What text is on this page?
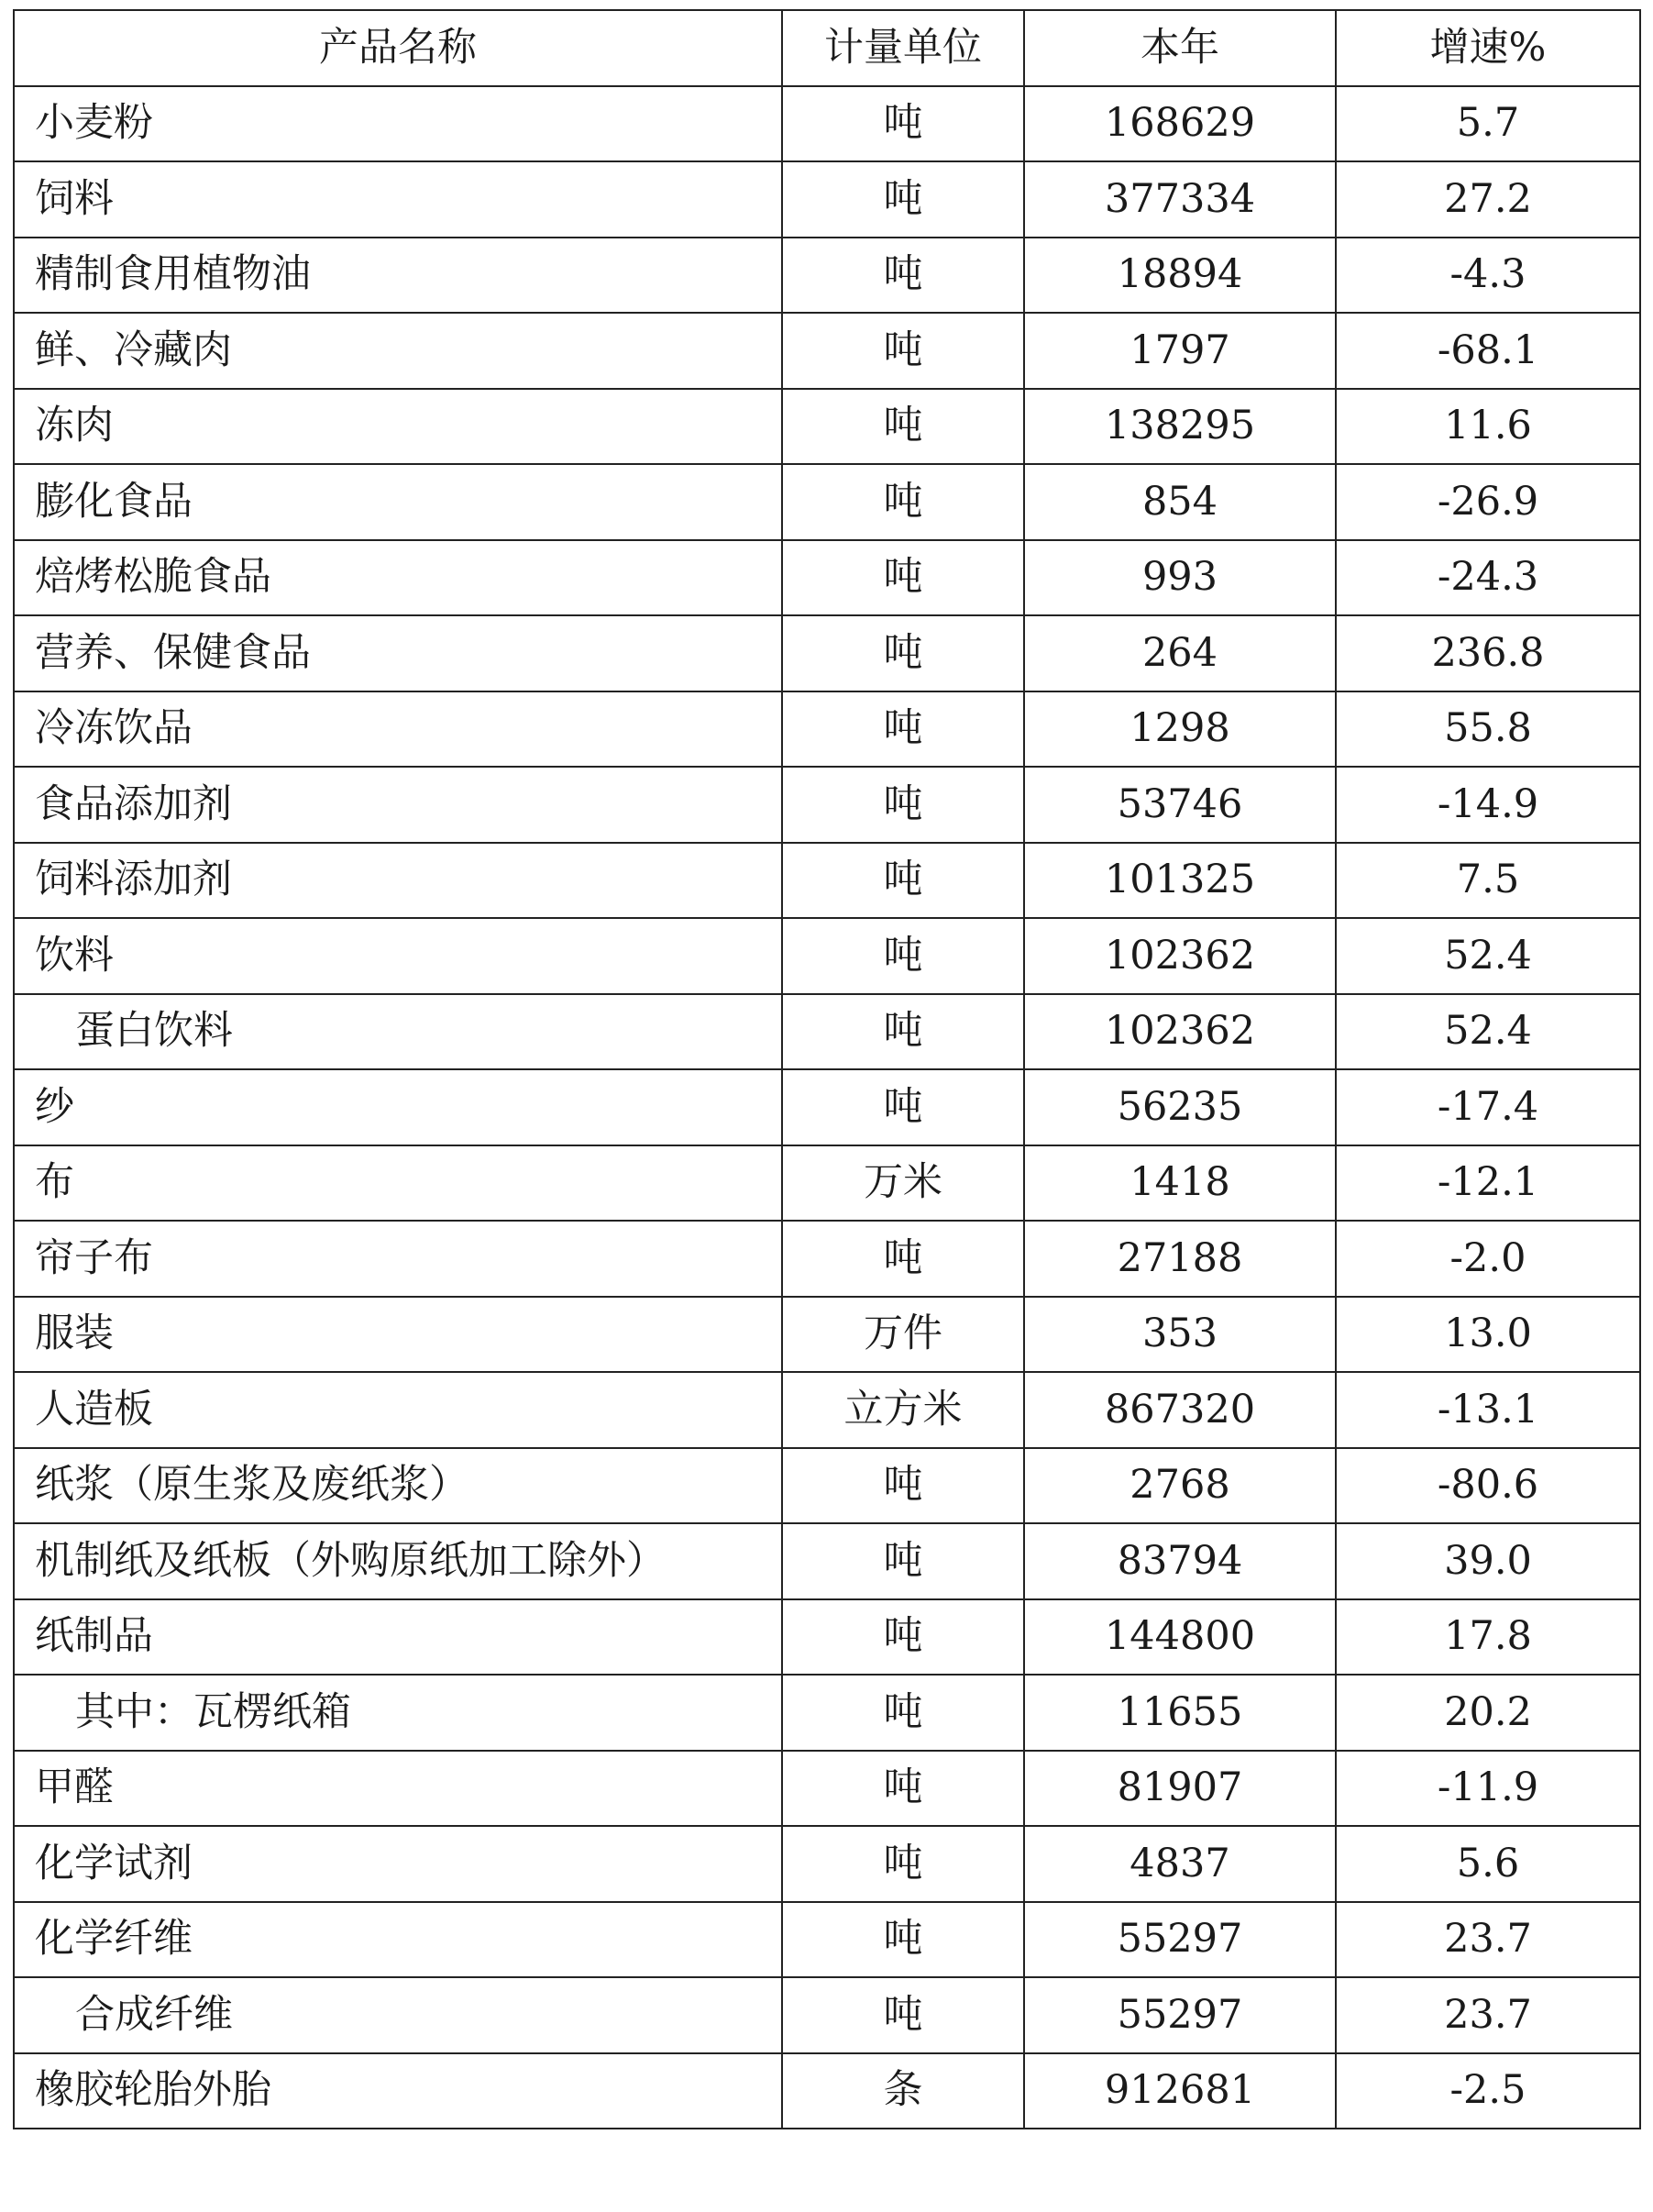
产品名称	计量单位	本年	增速%
小麦粉	吨	168629	5.7
饲料	吨	377334	27.2
精制食用植物油	吨	18894	-4.3
鲜、冷藏肉	吨	1797	-68.1
冻肉	吨	138295	11.6
膨化食品	吨	854	-26.9
焙烤松脆食品	吨	993	-24.3
营养、保健食品	吨	264	236.8
冷冻饮品	吨	1298	55.8
食品添加剂	吨	53746	-14.9
饲料添加剂	吨	101325	7.5
饮料	吨	102362	52.4
蛋白饮料	吨	102362	52.4
纱	吨	56235	-17.4
布	万米	1418	-12.1
帘子布	吨	27188	-2.0
服装	万件	353	13.0
人造板	立方米	867320	-13.1
纸浆（原生浆及废纸浆）	吨	2768	-80.6
机制纸及纸板（外购原纸加工除外）	吨	83794	39.0
纸制品	吨	144800	17.8
其中：瓦楞纸箱	吨	11655	20.2
甲醛	吨	81907	-11.9
化学试剂	吨	4837	5.6
化学纤维	吨	55297	23.7
合成纤维	吨	55297	23.7
橡胶轮胎外胎	条	912681	-2.5
